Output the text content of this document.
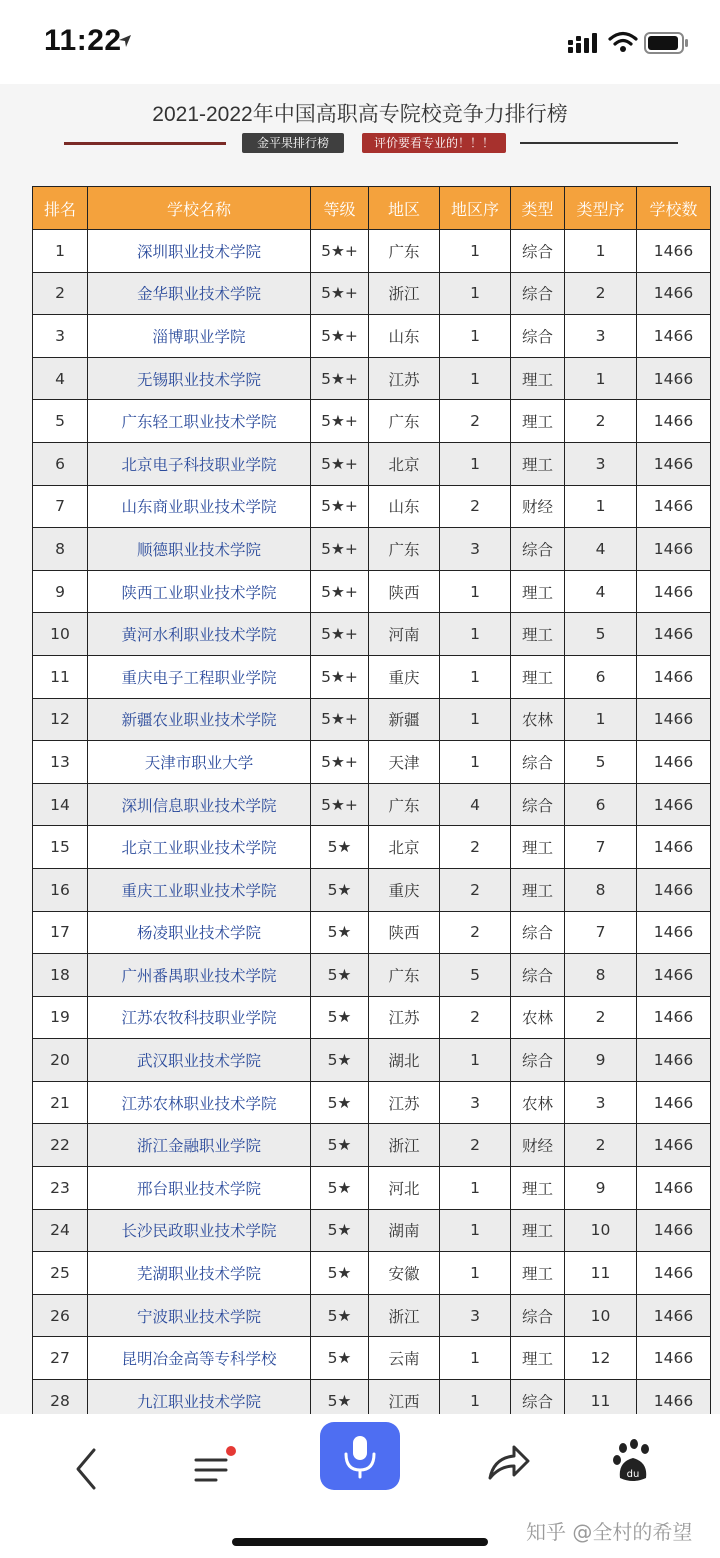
11:22
2021-2022年中国高职高专院校竞争力排行榜
金平果排行榜	评价要看专业的！！！
排名	学校名称	等级	地区	地区序	类型	类型序	学校数
1	深圳职业技术学院	5★+	广东	1	综合	1	1466
2	金华职业技术学院	5★+	浙江	1	综合	2	1466
3	淄博职业学院	5★+	山东	1	综合	3	1466
4	无锡职业技术学院	5★+	江苏	1	理工	1	1466
5	广东轻工职业技术学院	5★+	广东	2	理工	2	1466
6	北京电子科技职业学院	5★+	北京	1	理工	3	1466
7	山东商业职业技术学院	5★+	山东	2	财经	1	1466
8	顺德职业技术学院	5★+	广东	3	综合	4	1466
9	陕西工业职业技术学院	5★+	陕西	1	理工	4	1466
10	黄河水利职业技术学院	5★+	河南	1	理工	5	1466
11	重庆电子工程职业学院	5★+	重庆	1	理工	6	1466
12	新疆农业职业技术学院	5★+	新疆	1	农林	1	1466
13	天津市职业大学	5★+	天津	1	综合	5	1466
14	深圳信息职业技术学院	5★+	广东	4	综合	6	1466
15	北京工业职业技术学院	5★	北京	2	理工	7	1466
16	重庆工业职业技术学院	5★	重庆	2	理工	8	1466
17	杨凌职业技术学院	5★	陕西	2	综合	7	1466
18	广州番禺职业技术学院	5★	广东	5	综合	8	1466
19	江苏农牧科技职业学院	5★	江苏	2	农林	2	1466
20	武汉职业技术学院	5★	湖北	1	综合	9	1466
21	江苏农林职业技术学院	5★	江苏	3	农林	3	1466
22	浙江金融职业学院	5★	浙江	2	财经	2	1466
23	邢台职业技术学院	5★	河北	1	理工	9	1466
24	长沙民政职业技术学院	5★	湖南	1	理工	10	1466
25	芜湖职业技术学院	5★	安徽	1	理工	11	1466
26	宁波职业技术学院	5★	浙江	3	综合	10	1466
27	昆明冶金高等专科学校	5★	云南	1	理工	12	1466
28	九江职业技术学院	5★	江西	1	综合	11	1466
du
知乎 @全村的希望
